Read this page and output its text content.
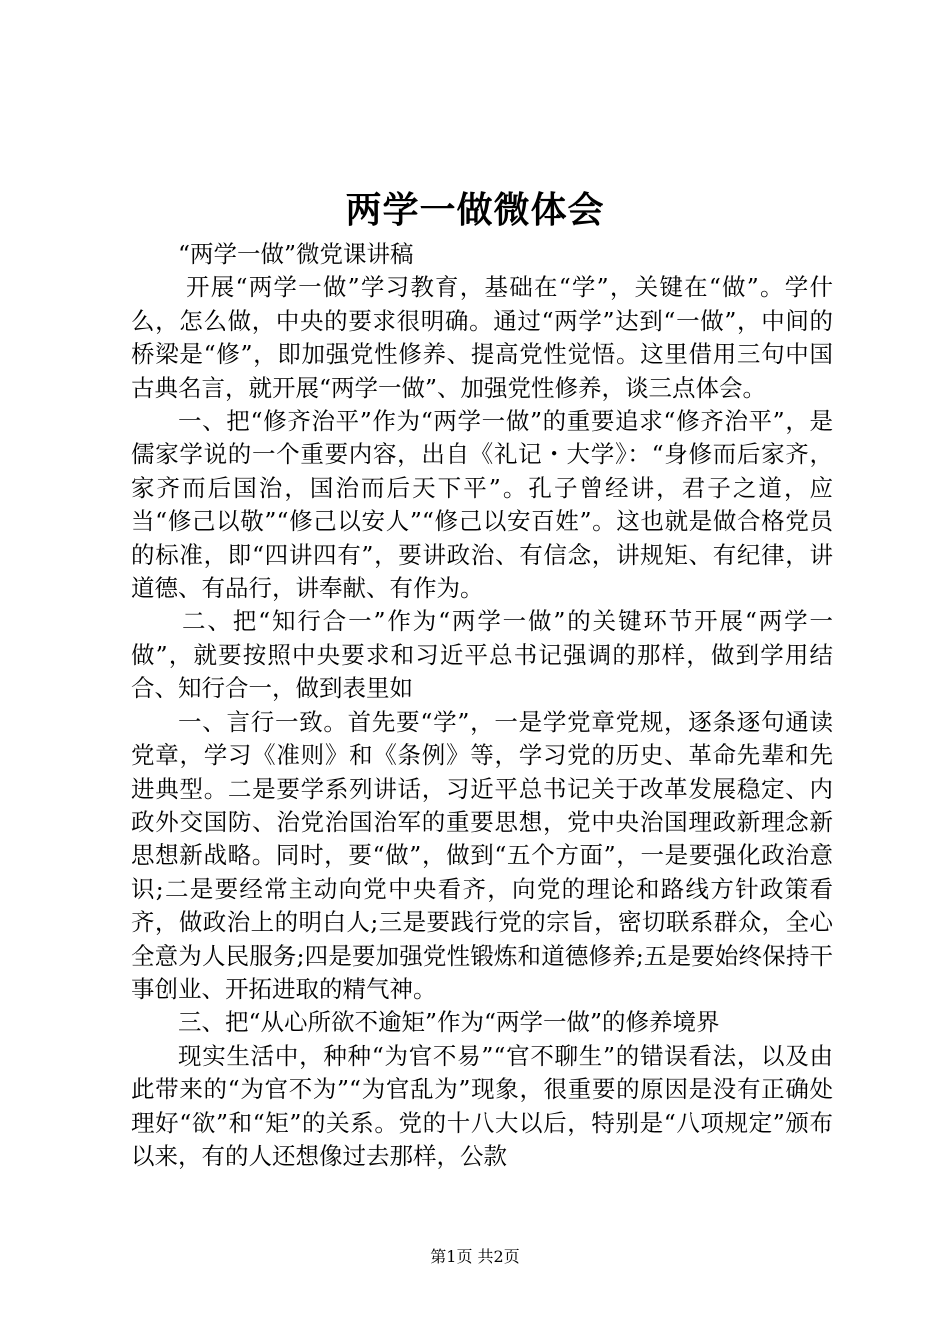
两学一做微体会

“两学一做”微党课讲稿

开展“两学一做”学习教育，基础在“学”，关键在“做”。学什么，怎么做，中央的要求很明确。通过“两学”达到“一做”，中间的桥梁是“修”，即加强党性修养、提高党性觉悟。这里借用三句中国古典名言，就开展“两学一做”、加强党性修养，谈三点体会。

一、把“修齐治平”作为“两学一做”的重要追求“修齐治平”，是儒家学说的一个重要内容，出自《礼记・大学》：“身修而后家齐，家齐而后国治，国治而后天下平”。孔子曾经讲，君子之道，应当“修己以敬”“修己以安人”“修己以安百姓”。这也就是做合格党员的标准，即“四讲四有”，要讲政治、有信念，讲规矩、有纪律，讲道德、有品行，讲奉献、有作为。

二、把“知行合一”作为“两学一做”的关键环节开展“两学一做”，就要按照中央要求和习近平总书记强调的那样，做到学用结合、知行合一，做到表里如

一、言行一致。首先要“学”，一是学党章党规，逐条逐句通读党章，学习《准则》和《条例》等，学习党的历史、革命先辈和先进典型。二是要学系列讲话，习近平总书记关于改革发展稳定、内政外交国防、治党治国治军的重要思想，党中央治国理政新理念新思想新战略。同时，要“做”，做到“五个方面”，一是要强化政治意识;二是要经常主动向党中央看齐，向党的理论和路线方针政策看齐，做政治上的明白人;三是要践行党的宗旨，密切联系群众，全心全意为人民服务;四是要加强党性锻炼和道德修养;五是要始终保持干事创业、开拓进取的精气神。

三、把“从心所欲不逾矩”作为“两学一做”的修养境界

现实生活中，种种“为官不易”“官不聊生”的错误看法，以及由此带来的“为官不为”“为官乱为”现象，很重要的原因是没有正确处理好“欲”和“矩”的关系。党的十八大以后，特别是“八项规定”颁布以来，有的人还想像过去那样，公款

第1页 共2页
